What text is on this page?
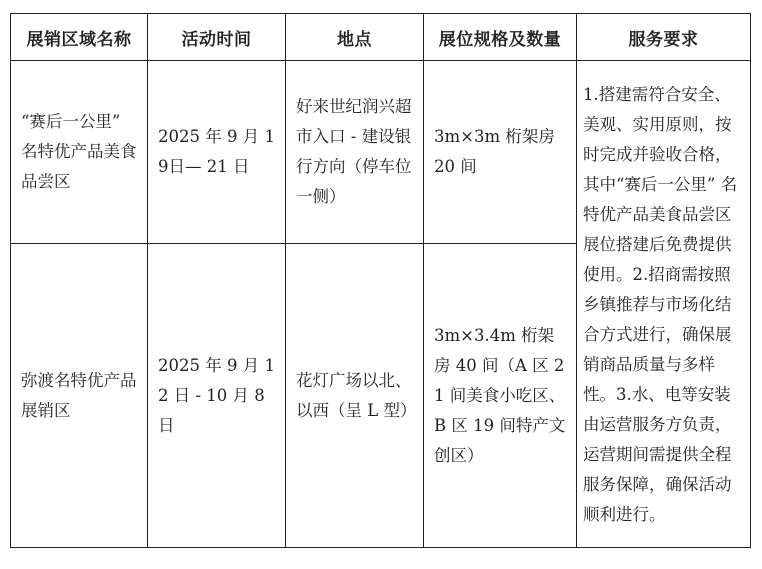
展销区域名称	活动时间	地点	展位规格及数量	服务要求

“赛后一公里” 名特优产品美食品尝区	2025 年 9 月 19日— 21 日	好来世纪润兴超市入口 - 建设银行方向（停车位一侧）	3m×3m 桁架房 20 间	1.搭建需符合安全、美观、实用原则，按时完成并验收合格，其中“赛后一公里” 名特优产品美食品尝区展位搭建后免费提供使用。2.招商需按照乡镇推荐与市场化结合方式进行，确保展销商品质量与多样性。3.水、电等安装由运营服务方负责，运营期间需提供全程服务保障，确保活动顺利进行。

弥渡名特优产品展销区	2025 年 9 月 12 日 - 10 月 8 日	花灯广场以北、以西（呈 L 型）	3m×3.4m 桁架房 40 间（A 区 21 间美食小吃区、B 区 19 间特产文创区）	
